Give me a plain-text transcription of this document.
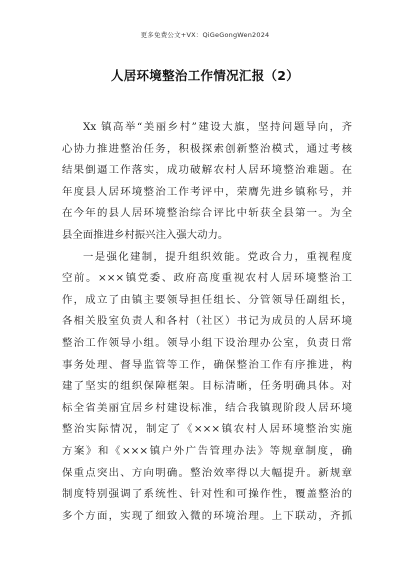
更多免费公文+VX：QiGeGongWen2024
人居环境整治工作情况汇报（2）
Xx 镇高举“美丽乡村”建设大旗，坚持问题导向，齐
心协力推进整治任务，积极探索创新整治模式，通过考核
结果倒逼工作落实，成功破解农村人居环境整治难题。在
年度县人居环境整治工作考评中，荣膺先进乡镇称号，并
在今年的县人居环境整治综合评比中斩获全县第一。为全
县全面推进乡村振兴注入强大动力。
一是强化建制，提升组织效能。党政合力，重视程度
空前。×××镇党委、政府高度重视农村人居环境整治工
作，成立了由镇主要领导担任组长、分管领导任副组长，
各相关股室负责人和各村（社区）书记为成员的人居环境
整治工作领导小组。领导小组下设治理办公室，负责日常
事务处理、督导监管等工作，确保整治工作有序推进，构
建了坚实的组织保障框架。目标清晰，任务明确具体。对
标全省美丽宜居乡村建设标准，结合我镇现阶段人居环境
整治实际情况，制定了《×××镇农村人居环境整治实施
方案》和《×××镇户外广告管理办法》等规章制度，确
保重点突出、方向明确。整治效率得以大幅提升。新规章
制度特别强调了系统性、针对性和可操作性，覆盖整治的
多个方面，实现了细致入微的环境治理。上下联动，齐抓
